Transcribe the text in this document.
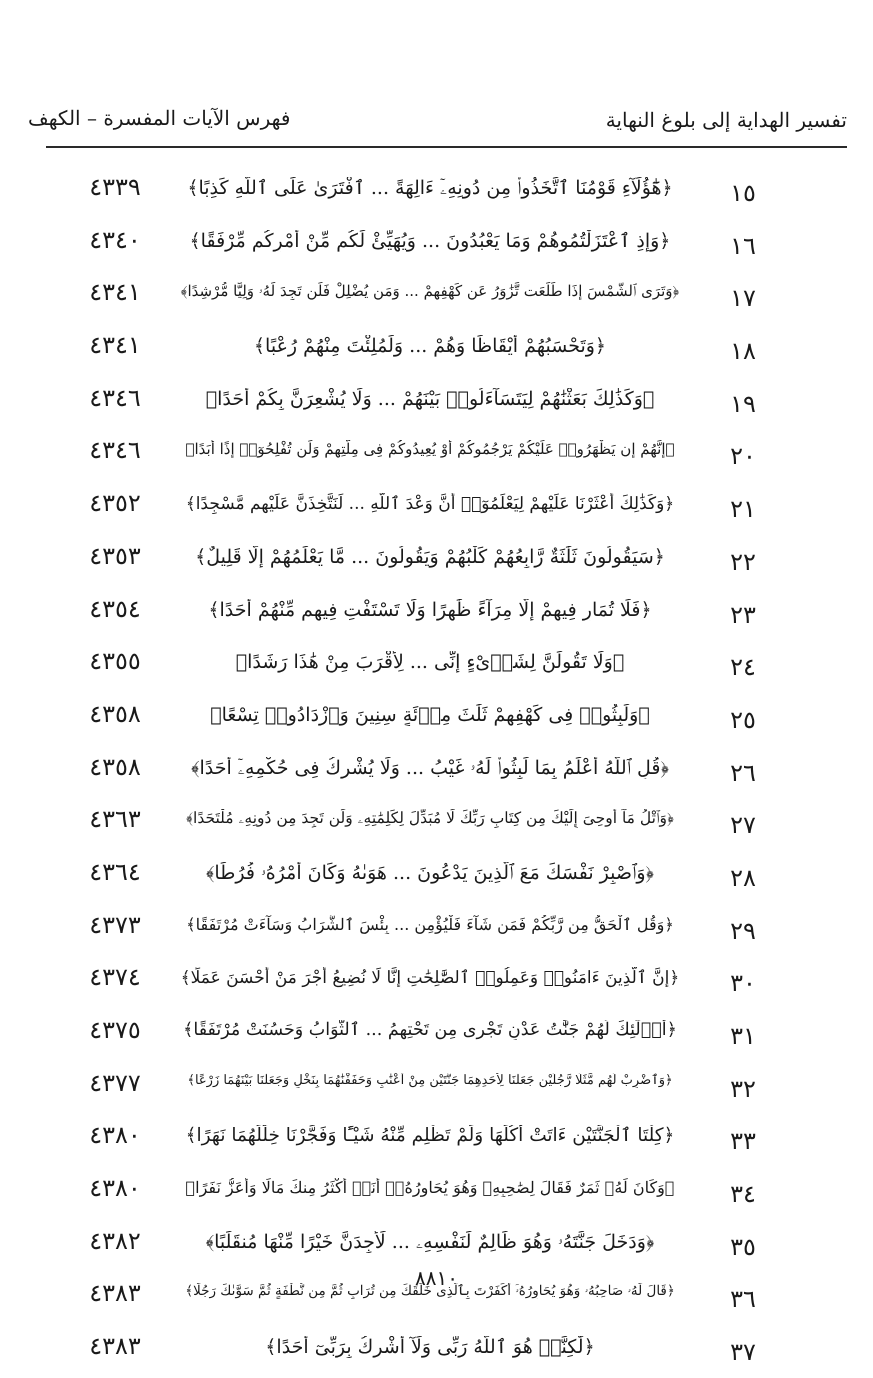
تفسير الهداية إلى بلوغ النهاية
فهرس الآيات المفسرة – الكهف
١٥
﴿هَٰٓؤُلَآءِ قَوْمُنَا ٱتَّخَذُوا۟ مِن دُونِهِۦٓ ءَالِهَةً ... ٱفْتَرَىٰ عَلَى ٱللَّهِ كَذِبًا﴾
٤٣٣٩
١٦
﴿وَإِذِ ٱعْتَزَلْتُمُوهُمْ وَمَا يَعْبُدُونَ ... وَيُهَيِّئْ لَكُم مِّنْ أَمْرِكُم مِّرْفَقًا﴾
٤٣٤٠
١٧
﴿وَتَرَى ٱلشَّمْسَ إِذَا طَلَعَت تَّزَٰوَرُ عَن كَهْفِهِمْ ... وَمَن يُضْلِلْ فَلَن تَجِدَ لَهُۥ وَلِيًّا مُّرْشِدًا﴾
٤٣٤١
١٨
﴿وَتَحْسَبُهُمْ أَيْقَاظًا وَهُمْ ... وَلَمُلِئْتَ مِنْهُمْ رُعْبًا﴾
٤٣٤١
١٩
﴿وَكَذَٰلِكَ بَعَثْنَٰهُمْ لِيَتَسَآءَلُوا۟ بَيْنَهُمْ ... وَلَا يُشْعِرَنَّ بِكُمْ أَحَدًا﴾
٤٣٤٦
٢٠
﴿إِنَّهُمْ إِن يَظْهَرُوا۟ عَلَيْكُمْ يَرْجُمُوكُمْ أَوْ يُعِيدُوكُمْ فِى مِلَّتِهِمْ وَلَن تُفْلِحُوٓا۟ إِذًا أَبَدًا﴾
٤٣٤٦
٢١
﴿وَكَذَٰلِكَ أَعْثَرْنَا عَلَيْهِمْ لِيَعْلَمُوٓا۟ أَنَّ وَعْدَ ٱللَّهِ ... لَنَتَّخِذَنَّ عَلَيْهِم مَّسْجِدًا﴾
٤٣٥٢
٢٢
﴿سَيَقُولُونَ ثَلَٰثَةٌ رَّابِعُهُمْ كَلْبُهُمْ وَيَقُولُونَ ... مَّا يَعْلَمُهُمْ إِلَّا قَلِيلٌ﴾
٤٣٥٣
٢٣
﴿فَلَا تُمَارِ فِيهِمْ إِلَّا مِرَآءً ظَٰهِرًا وَلَا تَسْتَفْتِ فِيهِم مِّنْهُمْ أَحَدًا﴾
٤٣٥٤
٢٤
﴿وَلَا تَقُولَنَّ لِشَا۟ىْءٍ إِنِّى ... لِأَقْرَبَ مِنْ هَٰذَا رَشَدًا﴾
٤٣٥٥
٢٥
﴿وَلَبِثُوا۟ فِى كَهْفِهِمْ ثَلَٰثَ مِا۟ئَةٍ سِنِينَ وَٱزْدَادُوا۟ تِسْعًا﴾
٤٣٥٨
٢٦
﴿قُلِ ٱللَّهُ أَعْلَمُ بِمَا لَبِثُوا۟ لَهُۥ غَيْبُ ... وَلَا يُشْرِكُ فِى حُكْمِهِۦٓ أَحَدًا﴾
٤٣٥٨
٢٧
﴿وَٱتْلُ مَآ أُوحِىَ إِلَيْكَ مِن كِتَابِ رَبِّكَ لَا مُبَدِّلَ لِكَلِمَٰتِهِۦ وَلَن تَجِدَ مِن دُونِهِۦ مُلْتَحَدًا﴾
٤٣٦٣
٢٨
﴿وَٱصْبِرْ نَفْسَكَ مَعَ ٱلَّذِينَ يَدْعُونَ ... هَوَىٰهُ وَكَانَ أَمْرُهُۥ فُرُطًا﴾
٤٣٦٤
٢٩
﴿وَقُلِ ٱلْحَقُّ مِن رَّبِّكُمْ فَمَن شَآءَ فَلْيُؤْمِن ... بِئْسَ ٱلشَّرَابُ وَسَآءَتْ مُرْتَفَقًا﴾
٤٣٧٣
٣٠
﴿إِنَّ ٱلَّذِينَ ءَامَنُوا۟ وَعَمِلُوا۟ ٱلصَّٰلِحَٰتِ إِنَّا لَا نُضِيعُ أَجْرَ مَنْ أَحْسَنَ عَمَلًا﴾
٤٣٧٤
٣١
﴿أُو۟لَٰٓئِكَ لَهُمْ جَنَّٰتُ عَدْنٍ تَجْرِى مِن تَحْتِهِمُ ... ٱلثَّوَابُ وَحَسُنَتْ مُرْتَفَقًا﴾
٤٣٧٥
٣٢
﴿وَٱضْرِبْ لَهُم مَّثَلًا رَّجُلَيْنِ جَعَلْنَا لِأَحَدِهِمَا جَنَّتَيْنِ مِنْ أَعْنَٰبٍ وَحَفَفْنَٰهُمَا بِنَخْلٍ وَجَعَلْنَا بَيْنَهُمَا زَرْعًا﴾
٤٣٧٧
٣٣
﴿كِلْتَا ٱلْجَنَّتَيْنِ ءَاتَتْ أُكُلَهَا وَلَمْ تَظْلِم مِّنْهُ شَيْـًٔا وَفَجَّرْنَا خِلَٰلَهُمَا نَهَرًا﴾
٤٣٨٠
٣٤
﴿وَكَانَ لَهُۥ ثَمَرٌ فَقَالَ لِصَٰحِبِهِۦ وَهُوَ يُحَاوِرُهُۥٓ أَنَا۠ أَكْثَرُ مِنكَ مَالًا وَأَعَزُّ نَفَرًا﴾
٤٣٨٠
٣٥
﴿وَدَخَلَ جَنَّتَهُۥ وَهُوَ ظَالِمٌ لِّنَفْسِهِۦ ... لَأَجِدَنَّ خَيْرًا مِّنْهَا مُنقَلَبًا﴾
٤٣٨٢
٣٦
﴿قَالَ لَهُۥ صَاحِبُهُۥ وَهُوَ يُحَاوِرُهُۥٓ أَكَفَرْتَ بِٱلَّذِى خَلَقَكَ مِن تُرَابٍ ثُمَّ مِن نُّطْفَةٍ ثُمَّ سَوَّىٰكَ رَجُلًا﴾
٤٣٨٣
٣٧
﴿لَّٰكِنَّا۠ هُوَ ٱللَّهُ رَبِّى وَلَآ أُشْرِكُ بِرَبِّىٓ أَحَدًا﴾
٤٣٨٣
٨٨١٠
